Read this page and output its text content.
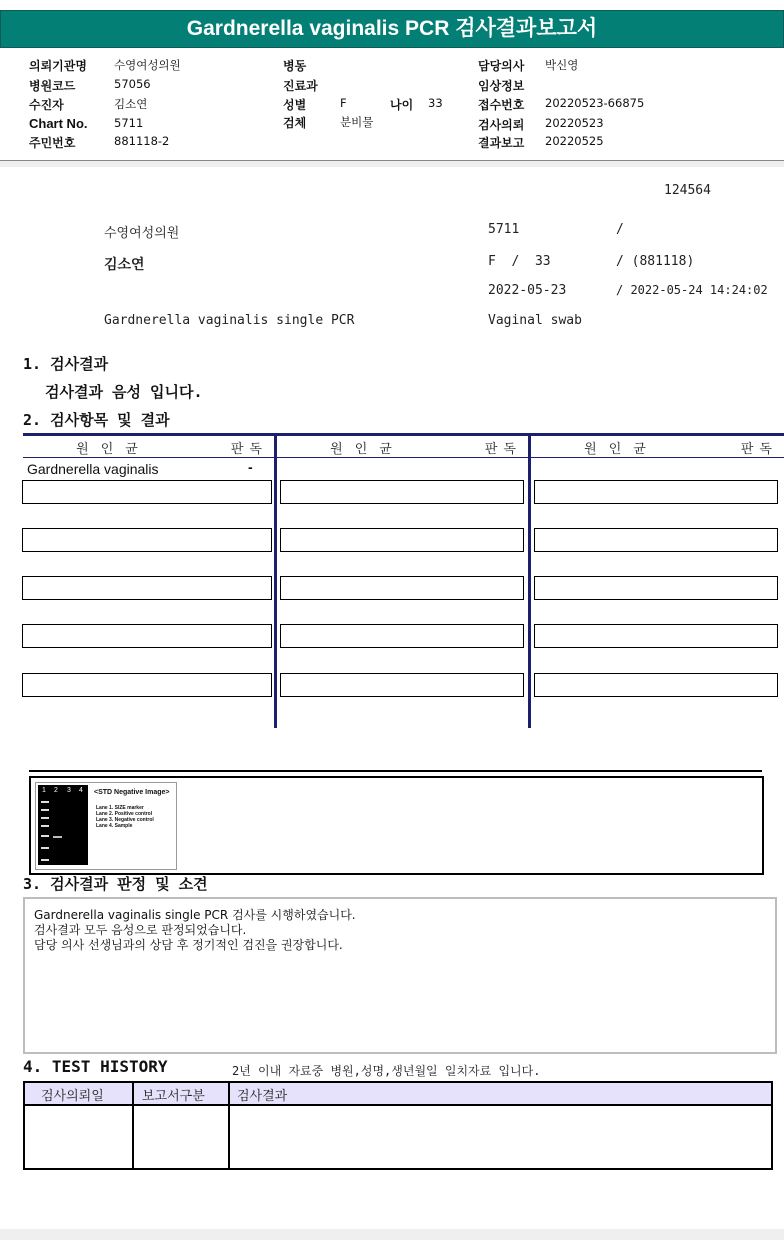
Gardnerella vaginalis PCR 검사결과보고서
의뢰기관명 수영여성의원
병원코드	57056
수진자	김소연
Chart No. 5711
주민번호	881118-2
병동
진료과
성별	F	나이 33
검체	분비물
담당의사 박신영
임상정보
접수번호 20220523-66875
검사의뢰 20220523
결과보고 20220525
124564
수영여성의원	5711	/
김소연	F  /  33	/ (881118)
2022-05-23	/ 2022-05-24 14:24:02
Gardnerella vaginalis single PCR	Vaginal swab
1. 검사결과
검사결과 음성 입니다.
2. 검사항목 및 결과
원인균	판독	원인균	판독	원인균	판독
Gardnerella vaginalis	-
1 2 3 4 <STD Negative Image>
Lane 1. SIZE marker
Lane 2. Positive control
Lane 3. Negative control
Lane 4. Sample
3. 검사결과 판정 및 소견
Gardnerella vaginalis single PCR 검사를 시행하였습니다.
검사결과 모두 음성으로 판정되었습니다.
담당 의사 선생님과의 상담 후 정기적인 검진을 권장합니다.
4. TEST HISTORY	2년 이내 자료중 병원,성명,생년월일 일치자료 입니다.
검사의뢰일	보고서구분 검사결과
